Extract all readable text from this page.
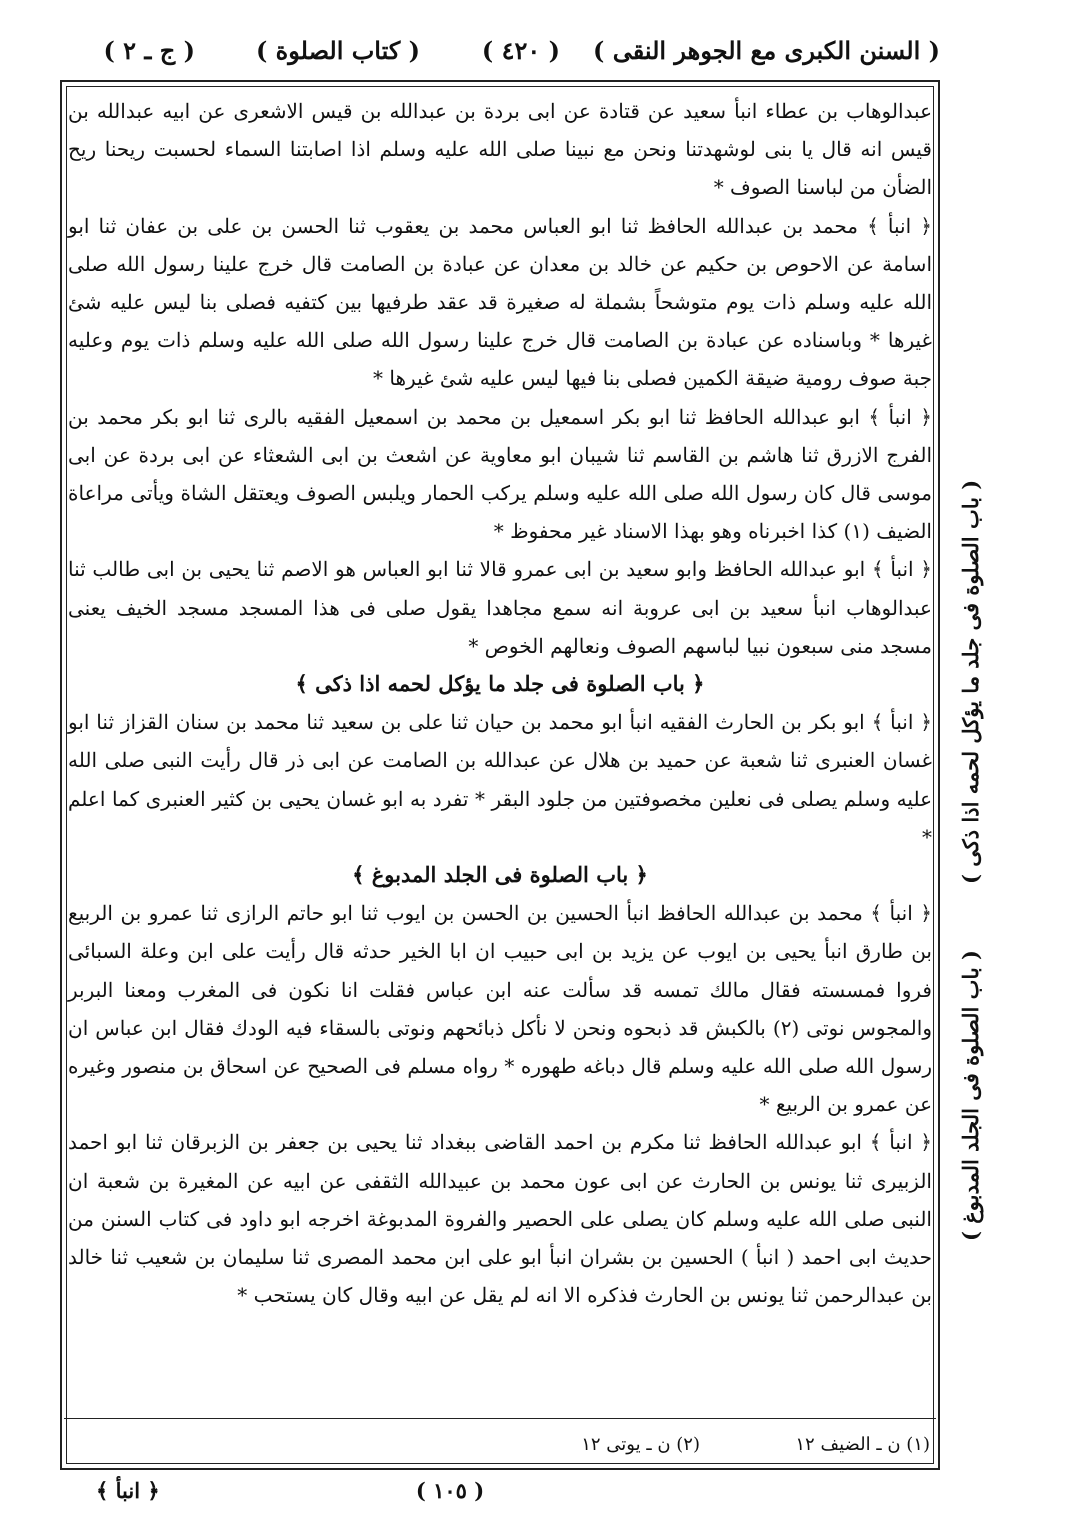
( السنن الكبرى مع الجوهر النقى )
( ٤٢٠ )
( كتاب الصلوة )
( ج ـ ٢ )

عبدالوهاب بن عطاء انبأ سعيد عن قتادة عن ابى بردة بن عبدالله بن قيس الاشعرى عن ابيه عبدالله بن قيس انه قال يا بنى لوشهدتنا ونحن مع نبينا صلى الله عليه وسلم اذا اصابتنا السماء لحسبت ريحنا ريح الضأن من لباسنا الصوف *

﴿ انبأ ﴾ محمد بن عبدالله الحافظ ثنا ابو العباس محمد بن يعقوب ثنا الحسن بن على بن عفان ثنا ابو اسامة عن الاحوص بن حكيم عن خالد بن معدان عن عبادة بن الصامت قال خرج علينا رسول الله صلى الله عليه وسلم ذات يوم متوشحاً بشملة له صغيرة قد عقد طرفيها بين كتفيه فصلى بنا ليس عليه شئ غيرها * وباسناده عن عبادة بن الصامت قال خرج علينا رسول الله صلى الله عليه وسلم ذات يوم وعليه جبة صوف رومية ضيقة الكمين فصلى بنا فيها ليس عليه شئ غيرها *

﴿ انبأ ﴾ ابو عبدالله الحافظ ثنا ابو بكر اسمعيل بن محمد بن اسمعيل الفقيه بالرى ثنا ابو بكر محمد بن الفرج الازرق ثنا هاشم بن القاسم ثنا شيبان ابو معاوية عن اشعث بن ابى الشعثاء عن ابى بردة عن ابى موسى قال كان رسول الله صلى الله عليه وسلم يركب الحمار ويلبس الصوف ويعتقل الشاة ويأتى مراعاة الضيف (١) كذا اخبرناه وهو بهذا الاسناد غير محفوظ *

﴿ انبأ ﴾ ابو عبدالله الحافظ وابو سعيد بن ابى عمرو قالا ثنا ابو العباس هو الاصم ثنا يحيى بن ابى طالب ثنا عبدالوهاب انبأ سعيد بن ابى عروبة انه سمع مجاهدا يقول صلى فى هذا المسجد مسجد الخيف يعنى مسجد منى سبعون نبيا لباسهم الصوف ونعالهم الخوص *

﴿ باب الصلوة فى جلد ما يؤكل لحمه اذا ذكى ﴾

﴿ انبأ ﴾ ابو بكر بن الحارث الفقيه انبأ ابو محمد بن حيان ثنا على بن سعيد ثنا محمد بن سنان القزاز ثنا ابو غسان العنبرى ثنا شعبة عن حميد بن هلال عن عبدالله بن الصامت عن ابى ذر قال رأيت النبى صلى الله عليه وسلم يصلى فى نعلين مخصوفتين من جلود البقر * تفرد به ابو غسان يحيى بن كثير العنبرى كما اعلم *

﴿ باب الصلوة فى الجلد المدبوغ ﴾

﴿ انبأ ﴾ محمد بن عبدالله الحافظ انبأ الحسين بن الحسن بن ايوب ثنا ابو حاتم الرازى ثنا عمرو بن الربيع بن طارق انبأ يحيى بن ايوب عن يزيد بن ابى حبيب ان ابا الخير حدثه قال رأيت على ابن وعلة السبائى فروا فمسسته فقال مالك تمسه قد سألت عنه ابن عباس فقلت انا نكون فى المغرب ومعنا البربر والمجوس نوتى (٢) بالكبش قد ذبحوه ونحن لا نأكل ذبائحهم ونوتى بالسقاء فيه الودك فقال ابن عباس ان رسول الله صلى الله عليه وسلم قال دباغه طهوره * رواه مسلم فى الصحيح عن اسحاق بن منصور وغيره عن عمرو بن الربيع *

﴿ انبأ ﴾ ابو عبدالله الحافظ ثنا مكرم بن احمد القاضى ببغداد ثنا يحيى بن جعفر بن الزبرقان ثنا ابو احمد الزبيرى ثنا يونس بن الحارث عن ابى عون محمد بن عبيدالله الثقفى عن ابيه عن المغيرة بن شعبة ان النبى صلى الله عليه وسلم كان يصلى على الحصير والفروة المدبوغة اخرجه ابو داود فى كتاب السنن من حديث ابى احمد ( انبأ ) الحسين بن بشران انبأ ابو على ابن محمد المصرى ثنا سليمان بن شعيب ثنا خالد بن عبدالرحمن ثنا يونس بن الحارث فذكره الا انه لم يقل عن ابيه وقال كان يستحب *

(١) ن ـ الضيف ١٢
(٢) ن ـ يوتى ١٢
( ١٠٥ )
﴿ انبأ ﴾
( باب الصلوة فى جلد ما يؤكل لحمه اذا ذكى )
( باب الصلوة فى الجلد المدبوغ )
